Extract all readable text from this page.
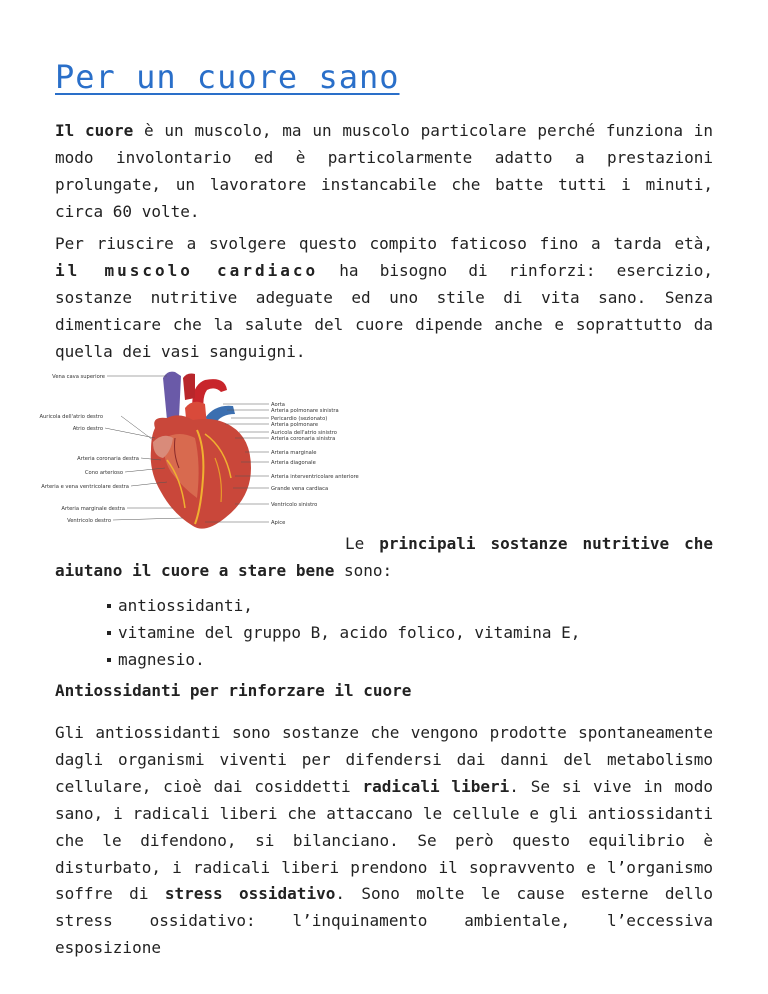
Per un cuore sano

Il cuore è un muscolo, ma un muscolo particolare perché funziona in modo involontario ed è particolarmente adatto a prestazioni prolungate, un lavoratore instancabile che batte tutti i minuti, circa 60 volte.

Per riuscire a svolgere questo compito faticoso fino a tarda età, il muscolo cardiaco ha bisogno di rinforzi: esercizio, sostanze nutritive adeguate ed uno stile di vita sano. Senza dimenticare che la salute del cuore dipende anche e soprattutto da quella dei vasi sanguigni.

Vena cava superiore
Auricola dell'atrio destro
Atrio destro
Arteria coronaria destra
Cono arterioso
Arteria e vena ventricolare destra
Arteria marginale destra
Ventricolo destro
Aorta
Arteria polmonare sinistra
Pericardio (sezionato)
Arteria polmonare
Auricola dell'atrio sinistro
Arteria coronaria sinistra
Arteria marginale
Arteria diagonale
Arteria interventricolare anteriore
Grande vena cardiaca
Ventricolo sinistro
Apice

Le principali sostanze nutritive che aiutano il cuore a stare bene sono:

antiossidanti,
vitamine del gruppo B, acido folico, vitamina E,
magnesio.
Antiossidanti per rinforzare il cuore

Gli antiossidanti sono sostanze che vengono prodotte spontaneamente dagli organismi viventi per difendersi dai danni del metabolismo cellulare, cioè dai cosiddetti radicali liberi. Se si vive in modo sano, i radicali liberi che attaccano le cellule e gli antiossidanti che le difendono, si bilanciano. Se però questo equilibrio è disturbato, i radicali liberi prendono il sopravvento e l’organismo soffre di stress ossidativo. Sono molte le cause esterne dello stress ossidativo: l’inquinamento ambientale, l’eccessiva esposizione
